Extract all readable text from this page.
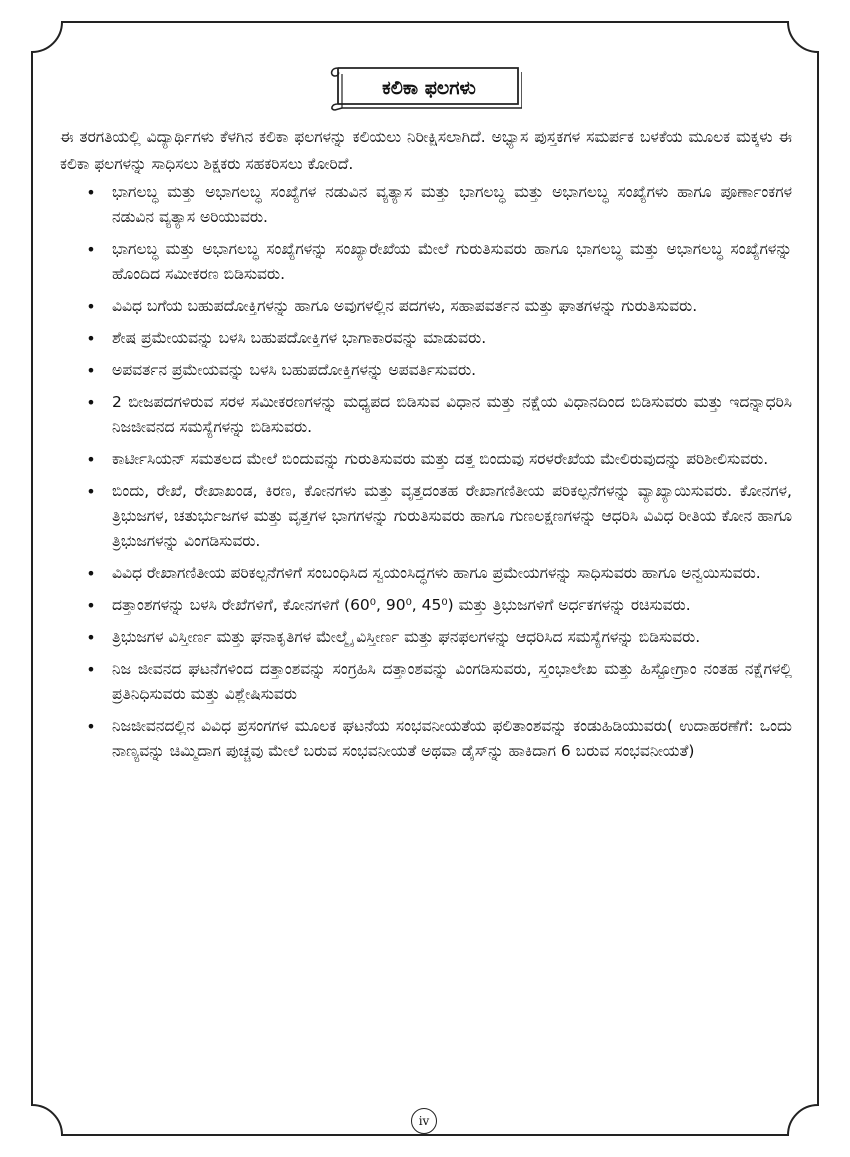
ಕಲಿಕಾ ಫಲಗಳು

ಈ ತರಗತಿಯಲ್ಲಿ ವಿದ್ಯಾರ್ಥಿಗಳು ಕೆಳಗಿನ ಕಲಿಕಾ ಫಲಗಳನ್ನು ಕಲಿಯಲು ನಿರೀಕ್ಷಿಸಲಾಗಿದೆ. ಅಭ್ಯಾಸ ಪುಸ್ತಕಗಳ ಸಮರ್ಪಕ ಬಳಕೆಯ ಮೂಲಕ ಮಕ್ಕಳು ಈ ಕಲಿಕಾ ಫಲಗಳನ್ನು ಸಾಧಿಸಲು ಶಿಕ್ಷಕರು ಸಹಕರಿಸಲು ಕೋರಿದೆ.

• ಭಾಗಲಬ್ಧ ಮತ್ತು ಅಭಾಗಲಬ್ಧ ಸಂಖ್ಯೆಗಳ ನಡುವಿನ ವ್ಯತ್ಯಾಸ ಮತ್ತು ಭಾಗಲಬ್ಧ ಮತ್ತು ಅಭಾಗಲಬ್ಧ ಸಂಖ್ಯೆಗಳು ಹಾಗೂ ಪೂರ್ಣಾಂಕಗಳ ನಡುವಿನ ವ್ಯತ್ಯಾಸ ಅರಿಯುವರು.
• ಭಾಗಲಬ್ಧ ಮತ್ತು ಅಭಾಗಲಬ್ಧ ಸಂಖ್ಯೆಗಳನ್ನು ಸಂಖ್ಯಾರೇಖೆಯ ಮೇಲೆ ಗುರುತಿಸುವರು ಹಾಗೂ ಭಾಗಲಬ್ಧ ಮತ್ತು ಅಭಾಗಲಬ್ಧ ಸಂಖ್ಯೆಗಳನ್ನು ಹೊಂದಿದ ಸಮೀಕರಣ ಬಿಡಿಸುವರು.
• ವಿವಿಧ ಬಗೆಯ ಬಹುಪದೋಕ್ತಿಗಳನ್ನು ಹಾಗೂ ಅವುಗಳಲ್ಲಿನ ಪದಗಳು, ಸಹಾಪವರ್ತನ ಮತ್ತು ಘಾತಗಳನ್ನು ಗುರುತಿಸುವರು.
• ಶೇಷ ಪ್ರಮೇಯವನ್ನು ಬಳಸಿ ಬಹುಪದೋಕ್ತಿಗಳ ಭಾಗಾಕಾರವನ್ನು ಮಾಡುವರು.
• ಅಪವರ್ತನ ಪ್ರಮೇಯವನ್ನು ಬಳಸಿ ಬಹುಪದೋಕ್ತಿಗಳನ್ನು ಅಪವರ್ತಿಸುವರು.
• 2 ಬೀಜಪದಗಳಿರುವ ಸರಳ ಸಮೀಕರಣಗಳನ್ನು ಮಧ್ಯಪದ ಬಿಡಿಸುವ ವಿಧಾನ ಮತ್ತು ನಕ್ಷೆಯ ವಿಧಾನದಿಂದ ಬಿಡಿಸುವರು ಮತ್ತು ಇದನ್ನಾಧರಿಸಿ ನಿಜಜೀವನದ ಸಮಸ್ಯೆಗಳನ್ನು ಬಿಡಿಸುವರು.
• ಕಾರ್ಟೀಸಿಯನ್ ಸಮತಲದ ಮೇಲೆ ಬಿಂದುವನ್ನು ಗುರುತಿಸುವರು ಮತ್ತು ದತ್ತ ಬಿಂದುವು ಸರಳರೇಖೆಯ ಮೇಲಿರುವುದನ್ನು ಪರಿಶೀಲಿಸುವರು.
• ಬಿಂದು, ರೇಖೆ, ರೇಖಾಖಂಡ, ಕಿರಣ, ಕೋನಗಳು ಮತ್ತು ವೃತ್ತದಂತಹ ರೇಖಾಗಣಿತೀಯ ಪರಿಕಲ್ಪನೆಗಳನ್ನು ವ್ಯಾಖ್ಯಾಯಿಸುವರು. ಕೋನಗಳ, ತ್ರಿಭುಜಗಳ, ಚತುರ್ಭುಜಗಳ ಮತ್ತು ವೃತ್ತಗಳ ಭಾಗಗಳನ್ನು ಗುರುತಿಸುವರು ಹಾಗೂ ಗುಣಲಕ್ಷಣಗಳನ್ನು ಆಧರಿಸಿ ವಿವಿಧ ರೀತಿಯ ಕೋನ ಹಾಗೂ ತ್ರಿಭುಜಗಳನ್ನು ವಿಂಗಡಿಸುವರು.
• ವಿವಿಧ ರೇಖಾಗಣಿತೀಯ ಪರಿಕಲ್ಪನೆಗಳಿಗೆ ಸಂಬಂಧಿಸಿದ ಸ್ವಯಂಸಿದ್ಧಗಳು ಹಾಗೂ ಪ್ರಮೇಯಗಳನ್ನು ಸಾಧಿಸುವರು ಹಾಗೂ ಅನ್ವಯಿಸುವರು.
• ದತ್ತಾಂಶಗಳನ್ನು ಬಳಸಿ ರೇಖೆಗಳಿಗೆ, ಕೋನಗಳಿಗೆ (60⁰, 90⁰, 45⁰) ಮತ್ತು ತ್ರಿಭುಜಗಳಿಗೆ ಅರ್ಧಕಗಳನ್ನು ರಚಿಸುವರು.
• ತ್ರಿಭುಜಗಳ ವಿಸ್ತೀರ್ಣ ಮತ್ತು ಘನಾಕೃತಿಗಳ ಮೇಲ್ಮೈ ವಿಸ್ತೀರ್ಣ ಮತ್ತು ಘನಫಲಗಳನ್ನು ಆಧರಿಸಿದ ಸಮಸ್ಯೆಗಳನ್ನು ಬಿಡಿಸುವರು.
• ನಿಜ ಜೀವನದ ಘಟನೆಗಳಿಂದ ದತ್ತಾಂಶವನ್ನು ಸಂಗ್ರಹಿಸಿ ದತ್ತಾಂಶವನ್ನು ವಿಂಗಡಿಸುವರು, ಸ್ತಂಭಾಲೇಖ ಮತ್ತು ಹಿಸ್ಟೋಗ್ರಾಂ ನಂತಹ ನಕ್ಷೆಗಳಲ್ಲಿ ಪ್ರತಿನಿಧಿಸುವರು ಮತ್ತು ವಿಶ್ಲೇಷಿಸುವರು
• ನಿಜಜೀವನದಲ್ಲಿನ ವಿವಿಧ ಪ್ರಸಂಗಗಳ ಮೂಲಕ ಘಟನೆಯ ಸಂಭವನೀಯತೆಯ ಫಲಿತಾಂಶವನ್ನು ಕಂಡುಹಿಡಿಯುವರು( ಉದಾಹರಣೆಗೆ: ಒಂದು ನಾಣ್ಯವನ್ನು ಚಿಮ್ಮಿದಾಗ ಪುಚ್ಚವು ಮೇಲೆ ಬರುವ ಸಂಭವನೀಯತೆ ಅಥವಾ ಡೈಸ್‌ನ್ನು ಹಾಕಿದಾಗ 6 ಬರುವ ಸಂಭವನೀಯತೆ)
iv
